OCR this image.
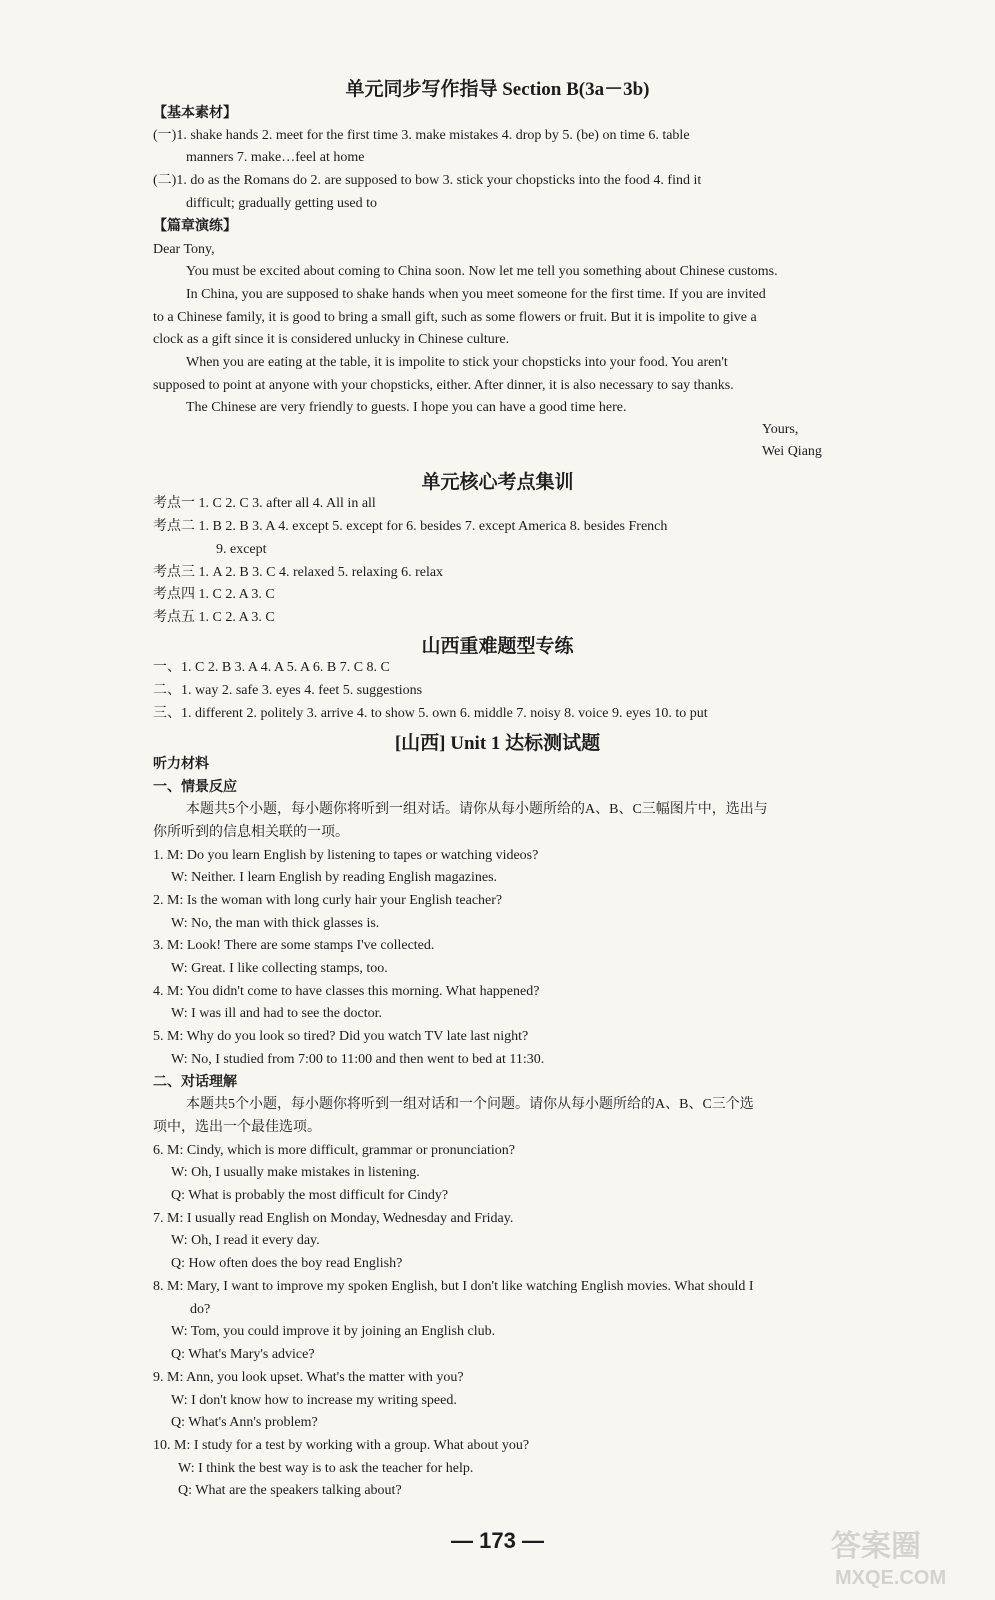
单元同步写作指导 Section B(3a－3b)
【基本素材】
(一)1. shake hands 2. meet for the first time 3. make mistakes 4. drop by 5. (be) on time 6. table
manners 7. make…feel at home
(二)1. do as the Romans do 2. are supposed to bow 3. stick your chopsticks into the food 4. find it
difficult; gradually getting used to
【篇章演练】
Dear Tony,
You must be excited about coming to China soon. Now let me tell you something about Chinese customs.
In China, you are supposed to shake hands when you meet someone for the first time. If you are invited
to a Chinese family, it is good to bring a small gift, such as some flowers or fruit. But it is impolite to give a
clock as a gift since it is considered unlucky in Chinese culture.
When you are eating at the table, it is impolite to stick your chopsticks into your food. You aren't
supposed to point at anyone with your chopsticks, either. After dinner, it is also necessary to say thanks.
The Chinese are very friendly to guests. I hope you can have a good time here.
Yours,
Wei Qiang
单元核心考点集训
考点一 1. C 2. C 3. after all 4. All in all
考点二 1. B 2. B 3. A 4. except 5. except for 6. besides 7. except America 8. besides French
9. except
考点三 1. A 2. B 3. C 4. relaxed 5. relaxing 6. relax
考点四 1. C 2. A 3. C
考点五 1. C 2. A 3. C
山西重难题型专练
一、1. C 2. B 3. A 4. A 5. A 6. B 7. C 8. C
二、1. way 2. safe 3. eyes 4. feet 5. suggestions
三、1. different 2. politely 3. arrive 4. to show 5. own 6. middle 7. noisy 8. voice 9. eyes 10. to put
[山西] Unit 1 达标测试题
听力材料
一、情景反应
本题共5个小题，每小题你将听到一组对话。请你从每小题所给的A、B、C三幅图片中，选出与
你所听到的信息相关联的一项。
1. M: Do you learn English by listening to tapes or watching videos?
W: Neither. I learn English by reading English magazines.
2. M: Is the woman with long curly hair your English teacher?
W: No, the man with thick glasses is.
3. M: Look! There are some stamps I've collected.
W: Great. I like collecting stamps, too.
4. M: You didn't come to have classes this morning. What happened?
W: I was ill and had to see the doctor.
5. M: Why do you look so tired? Did you watch TV late last night?
W: No, I studied from 7:00 to 11:00 and then went to bed at 11:30.
二、对话理解
本题共5个小题，每小题你将听到一组对话和一个问题。请你从每小题所给的A、B、C三个选
项中，选出一个最佳选项。
6. M: Cindy, which is more difficult, grammar or pronunciation?
W: Oh, I usually make mistakes in listening.
Q: What is probably the most difficult for Cindy?
7. M: I usually read English on Monday, Wednesday and Friday.
W: Oh, I read it every day.
Q: How often does the boy read English?
8. M: Mary, I want to improve my spoken English, but I don't like watching English movies. What should I
do?
W: Tom, you could improve it by joining an English club.
Q: What's Mary's advice?
9. M: Ann, you look upset. What's the matter with you?
W: I don't know how to increase my writing speed.
Q: What's Ann's problem?
10. M: I study for a test by working with a group. What about you?
W: I think the best way is to ask the teacher for help.
Q: What are the speakers talking about?
— 173 —	答案圈
MXQE.COM
